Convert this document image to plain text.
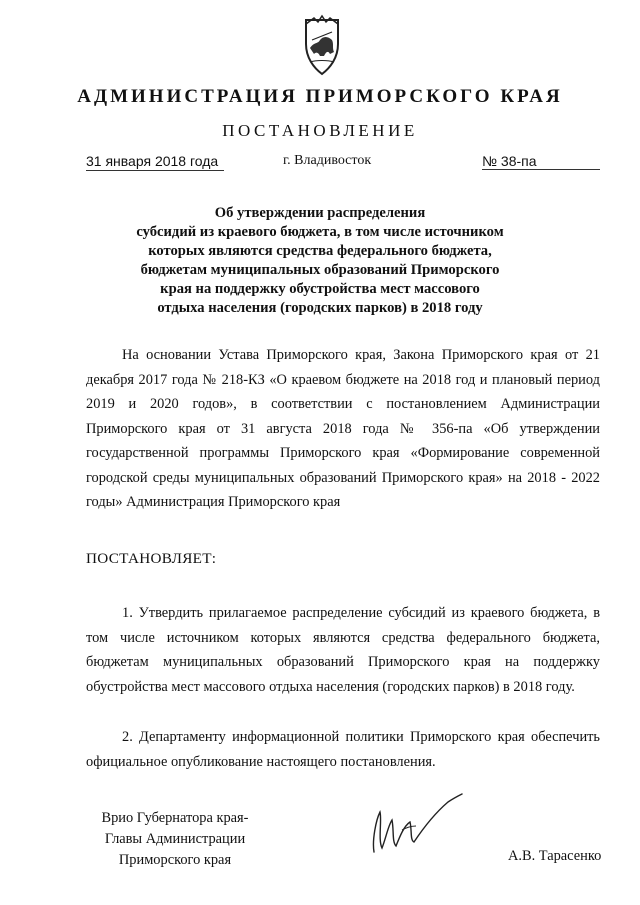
АДМИНИСТРАЦИЯ ПРИМОРСКОГО КРАЯ
ПОСТАНОВЛЕНИЕ
31 января 2018 года	г. Владивосток	№ 38-па
Об утверждении распределения
субсидий из краевого бюджета, в том числе источником
которых являются средства федерального бюджета,
бюджетам муниципальных образований Приморского
края на поддержку обустройства мест массового
отдыха населения (городских парков) в 2018 году
На основании Устава Приморского края, Закона Приморского края от 21 декабря 2017 года № 218-КЗ «О краевом бюджете на 2018 год и плановый период 2019 и 2020 годов», в соответствии с постановлением Администрации Приморского края от 31 августа 2018 года № 356-па «Об утверждении государственной программы Приморского края «Формирование современной городской среды муниципальных образований Приморского края» на 2018 - 2022 годы» Администрация Приморского края
ПОСТАНОВЛЯЕТ:
1. Утвердить прилагаемое распределение субсидий из краевого бюджета, в том числе источником которых являются средства федерального бюджета, бюджетам муниципальных образований Приморского края на поддержку обустройства мест массового отдыха населения (городских парков) в 2018 году.
2. Департаменту информационной политики Приморского края обеспечить официальное опубликование настоящего постановления.
Врио Губернатора края-
Главы Администрации
Приморского края	А.В. Тарасенко
